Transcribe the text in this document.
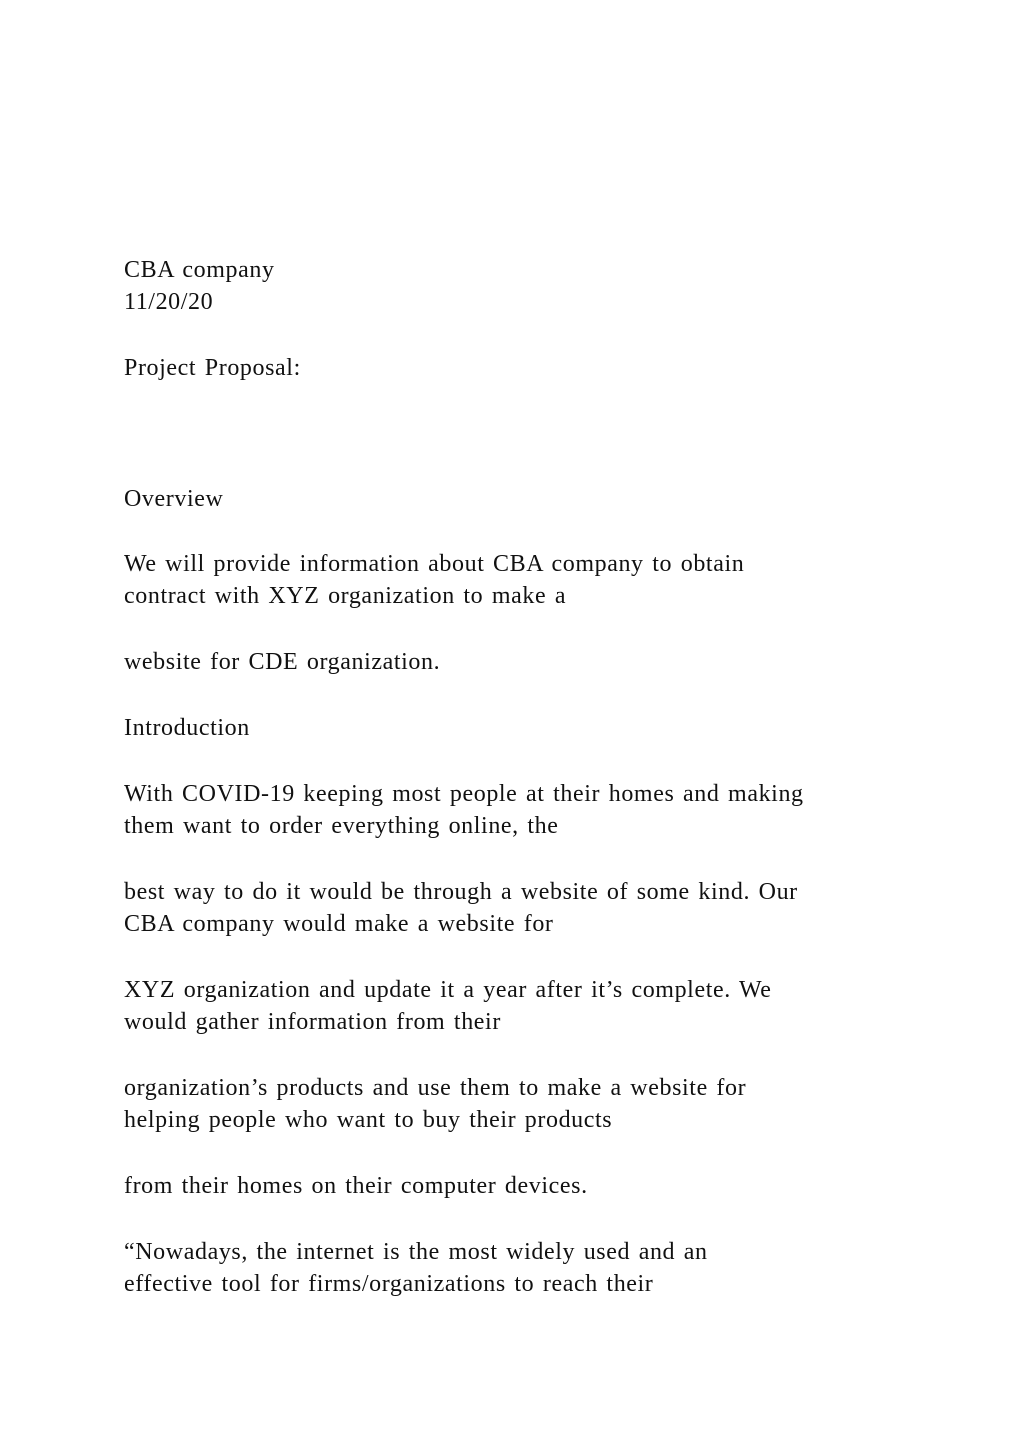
CBA company
11/20/20
Project Proposal:
Overview
We will provide information about CBA company to obtain
contract with XYZ organization to make a
website for CDE organization.
Introduction
With COVID-19 keeping most people at their homes and making
them want to order everything online, the
best way to do it would be through a website of some kind. Our
CBA company would make a website for
XYZ organization and update it a year after it’s complete. We
would gather information from their
organization’s products and use them to make a website for
helping people who want to buy their products
from their homes on their computer devices.
“Nowadays, the internet is the most widely used and an
effective tool for firms/organizations to reach their
